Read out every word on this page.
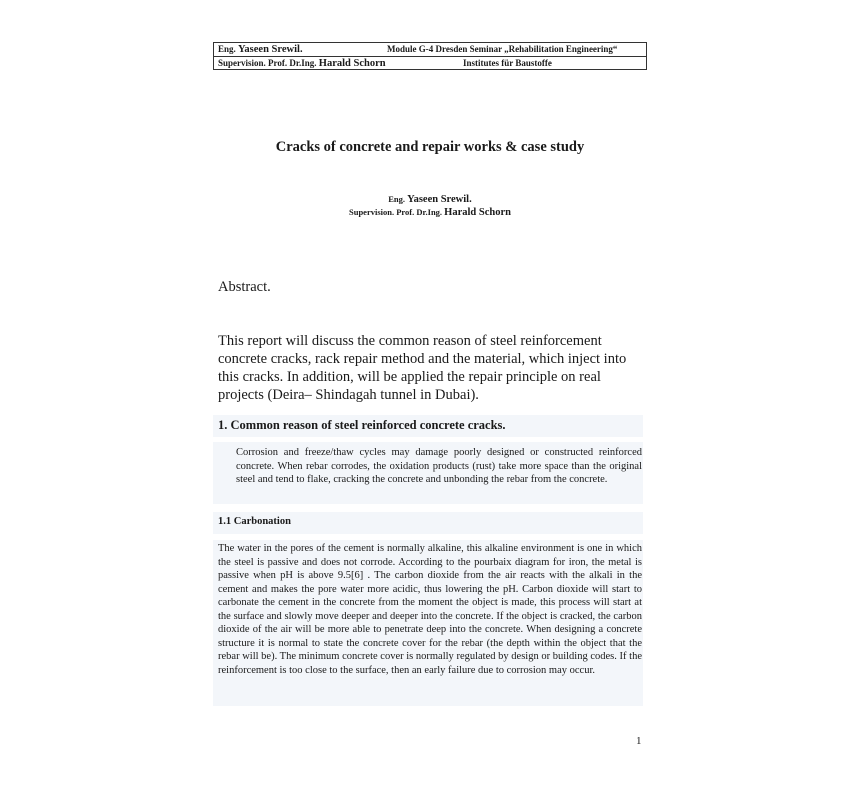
Eng. Yaseen Srewil.	Module G-4 Dresden Seminar „Rehabilitation Engineering“
Supervision. Prof. Dr.Ing. Harald Schorn	Institutes für Baustoffe
Cracks of concrete and repair works & case study
Eng. Yaseen Srewil.
Supervision. Prof. Dr.Ing. Harald Schorn
Abstract.
This report will discuss the common reason of steel reinforcement concrete cracks, rack repair method and the material, which inject into this cracks. In addition, will be applied the repair principle on real projects (Deira– Shindagah tunnel in Dubai).
1. Common reason of steel reinforced concrete cracks.
Corrosion and freeze/thaw cycles may damage poorly designed or constructed reinforced concrete. When rebar corrodes, the oxidation products (rust) take more space than the original steel and tend to flake, cracking the concrete and unbonding the rebar from the concrete.
1.1 Carbonation
The water in the pores of the cement is normally alkaline, this alkaline environment is one in which the steel is passive and does not corrode. According to the pourbaix diagram for iron, the metal is passive when pH is above 9.5[6] . The carbon dioxide from the air reacts with the alkali in the cement and makes the pore water more acidic, thus lowering the pH. Carbon dioxide will start to carbonate the cement in the concrete from the moment the object is made, this process will start at the surface and slowly move deeper and deeper into the concrete. If the object is cracked, the carbon dioxide of the air will be more able to penetrate deep into the concrete. When designing a concrete structure it is normal to state the concrete cover for the rebar (the depth within the object that the rebar will be). The minimum concrete cover is normally regulated by design or building codes. If the reinforcement is too close to the surface, then an early failure due to corrosion may occur.
1
